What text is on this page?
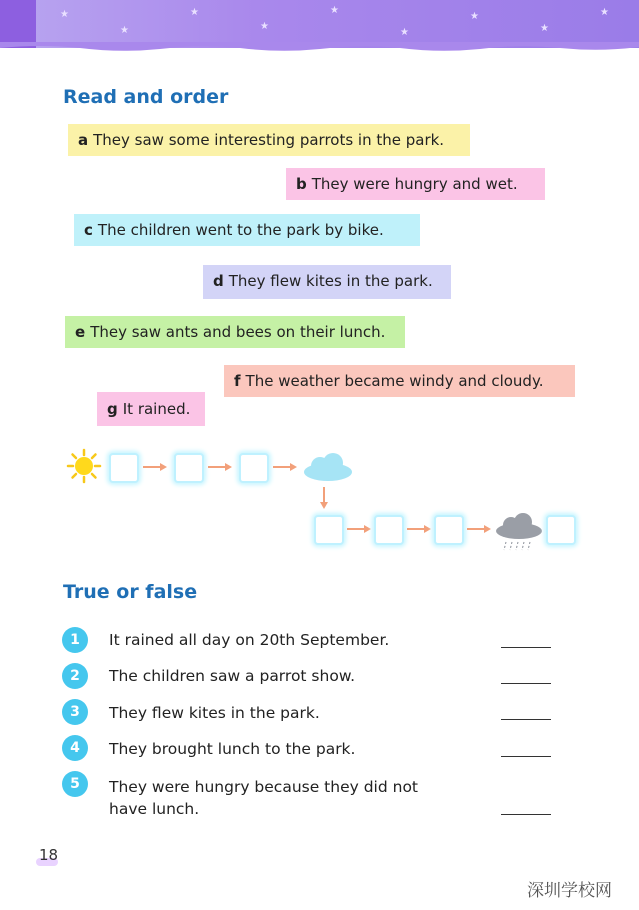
★
★
★
★
★
★
★
★
★
Read and order
a They saw some interesting parrots in the park.
b They were hungry and wet.
c The children went to the park by bike.
d They flew kites in the park.
e They saw ants and bees on their lunch.
f The weather became windy and cloudy.
g It rained.
True or false
1	It rained all day on 20th September.
2	The children saw a parrot show.
3	They flew kites in the park.
4	They brought lunch to the park.
5	They were hungry because they did not have lunch.
18
深圳学校网
